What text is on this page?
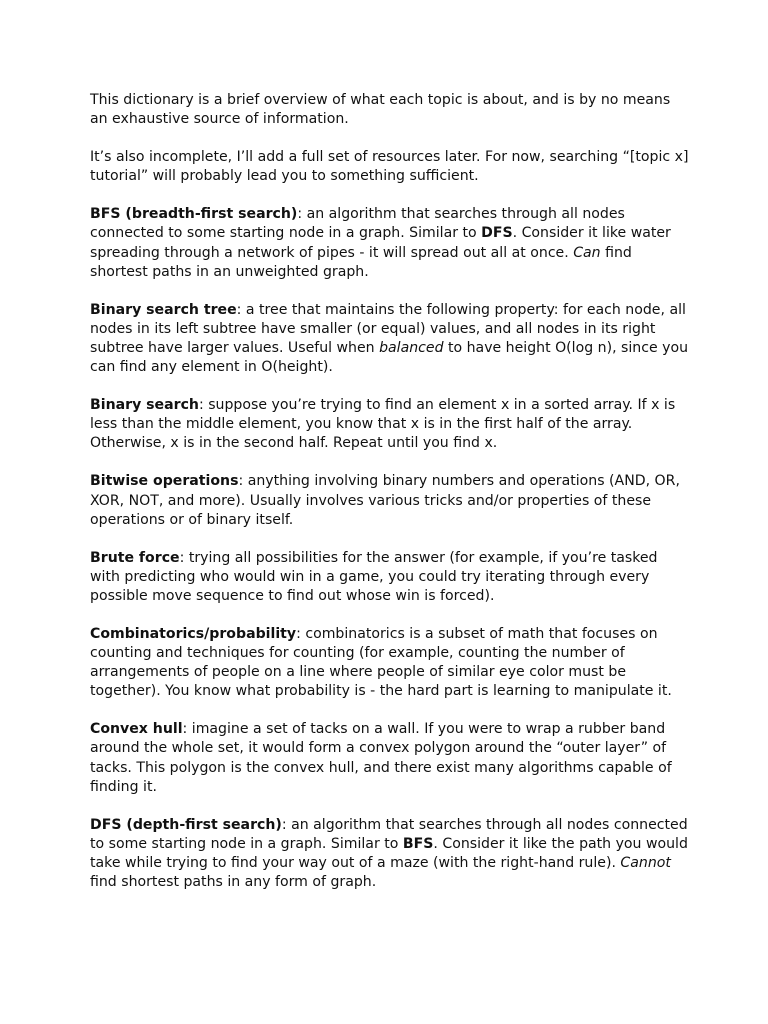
This dictionary is a brief overview of what each topic is about, and is by no means an exhaustive source of information.

It’s also incomplete, I’ll add a full set of resources later. For now, searching “[topic x] tutorial” will probably lead you to something sufficient.

BFS (breadth-first search): an algorithm that searches through all nodes connected to some starting node in a graph. Similar to DFS. Consider it like water spreading through a network of pipes - it will spread out all at once. Can find shortest paths in an unweighted graph.

Binary search tree: a tree that maintains the following property: for each node, all nodes in its left subtree have smaller (or equal) values, and all nodes in its right subtree have larger values. Useful when balanced to have height O(log n), since you can find any element in O(height).

Binary search: suppose you’re trying to find an element x in a sorted array. If x is less than the middle element, you know that x is in the first half of the array. Otherwise, x is in the second half. Repeat until you find x.

Bitwise operations: anything involving binary numbers and operations (AND, OR, XOR, NOT, and more). Usually involves various tricks and/or properties of these operations or of binary itself.

Brute force: trying all possibilities for the answer (for example, if you’re tasked with predicting who would win in a game, you could try iterating through every possible move sequence to find out whose win is forced).

Combinatorics/probability: combinatorics is a subset of math that focuses on counting and techniques for counting (for example, counting the number of arrangements of people on a line where people of similar eye color must be together). You know what probability is - the hard part is learning to manipulate it.

Convex hull: imagine a set of tacks on a wall. If you were to wrap a rubber band around the whole set, it would form a convex polygon around the “outer layer” of tacks. This polygon is the convex hull, and there exist many algorithms capable of finding it.

DFS (depth-first search): an algorithm that searches through all nodes connected to some starting node in a graph. Similar to BFS. Consider it like the path you would take while trying to find your way out of a maze (with the right-hand rule). Cannot find shortest paths in any form of graph.
